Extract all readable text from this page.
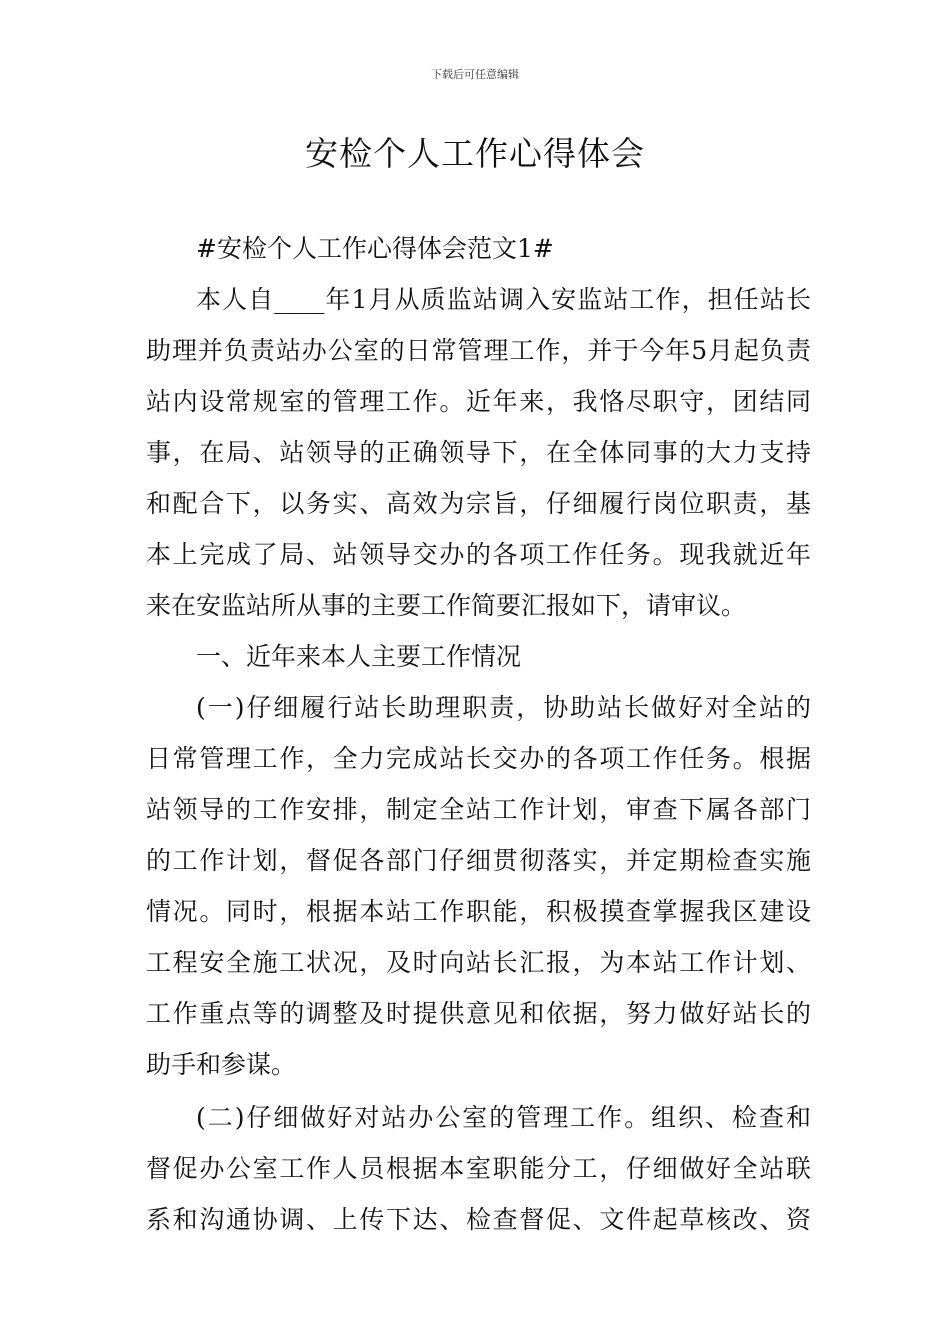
下载后可任意编辑
安检个人工作心得体会
#安检个人工作心得体会范文1#
本人自____年1月从质监站调入安监站工作，担任站长
助理并负责站办公室的日常管理工作，并于今年5月起负责
站内设常规室的管理工作。近年来，我恪尽职守，团结同
事，在局、站领导的正确领导下，在全体同事的大力支持
和配合下，以务实、高效为宗旨，仔细履行岗位职责，基
本上完成了局、站领导交办的各项工作任务。现我就近年
来在安监站所从事的主要工作简要汇报如下，请审议。
一、近年来本人主要工作情况
(一)仔细履行站长助理职责，协助站长做好对全站的
日常管理工作，全力完成站长交办的各项工作任务。根据
站领导的工作安排，制定全站工作计划，审查下属各部门
的工作计划，督促各部门仔细贯彻落实，并定期检查实施
情况。同时，根据本站工作职能，积极摸查掌握我区建设
工程安全施工状况，及时向站长汇报，为本站工作计划、
工作重点等的调整及时提供意见和依据，努力做好站长的
助手和参谋。
(二)仔细做好对站办公室的管理工作。组织、检查和
督促办公室工作人员根据本室职能分工，仔细做好全站联
系和沟通协调、上传下达、检查督促、文件起草核改、资
